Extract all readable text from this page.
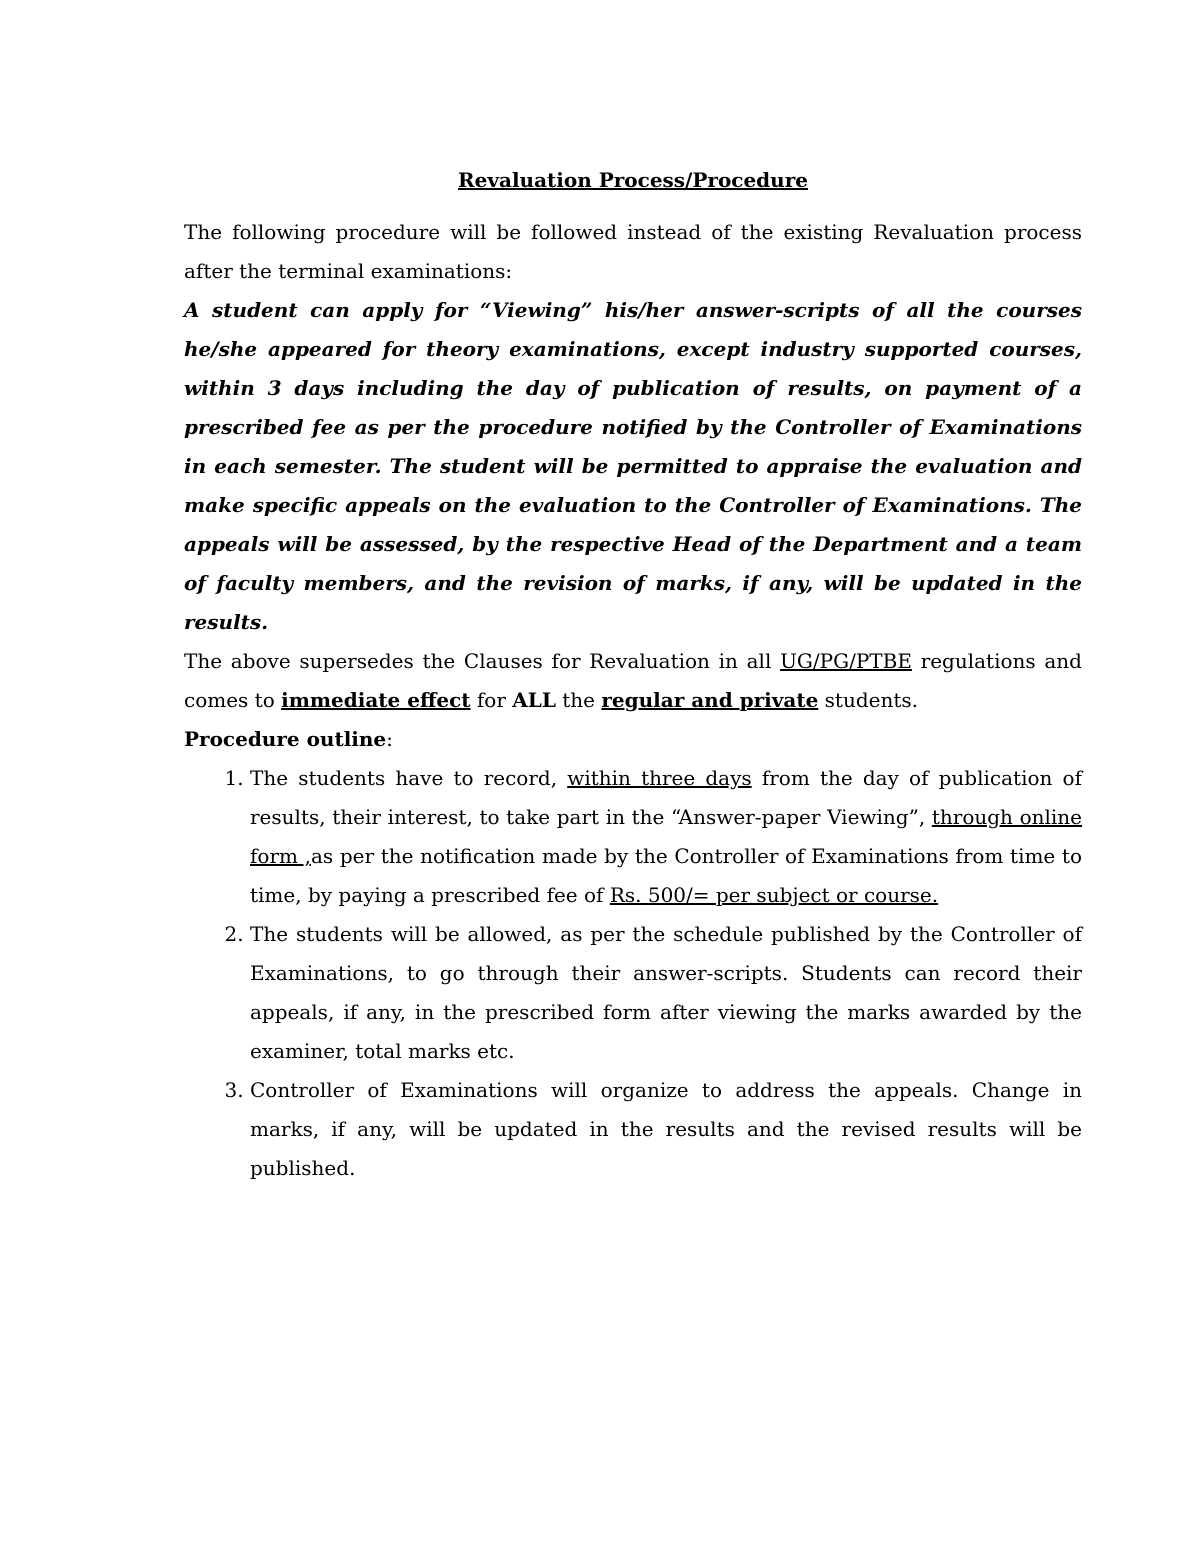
Revaluation Process/Procedure

The following procedure will be followed instead of the existing Revaluation process after the terminal examinations:

A student can apply for “Viewing” his/her answer-scripts of all the courses he/she appeared for theory examinations, except industry supported courses, within 3 days including the day of publication of results, on payment of a prescribed fee as per the procedure notified by the Controller of Examinations in each semester. The student will be permitted to appraise the evaluation and make specific appeals on the evaluation to the Controller of Examinations. The appeals will be assessed, by the respective Head of the Department and a team of faculty members, and the revision of marks, if any, will be updated in the results.

The above supersedes the Clauses for Revaluation in all UG/PG/PTBE regulations and comes to immediate effect for ALL the regular and private students.

Procedure outline:

1. The students have to record, within three days from the day of publication of results, their interest, to take part in the “Answer-paper Viewing”, through online form ,as per the notification made by the Controller of Examinations from time to time, by paying a prescribed fee of Rs. 500/= per subject or course.
2. The students will be allowed, as per the schedule published by the Controller of Examinations, to go through their answer-scripts. Students can record their appeals, if any, in the prescribed form after viewing the marks awarded by the examiner, total marks etc.
3. Controller of Examinations will organize to address the appeals. Change in marks, if any, will be updated in the results and the revised results will be published.
